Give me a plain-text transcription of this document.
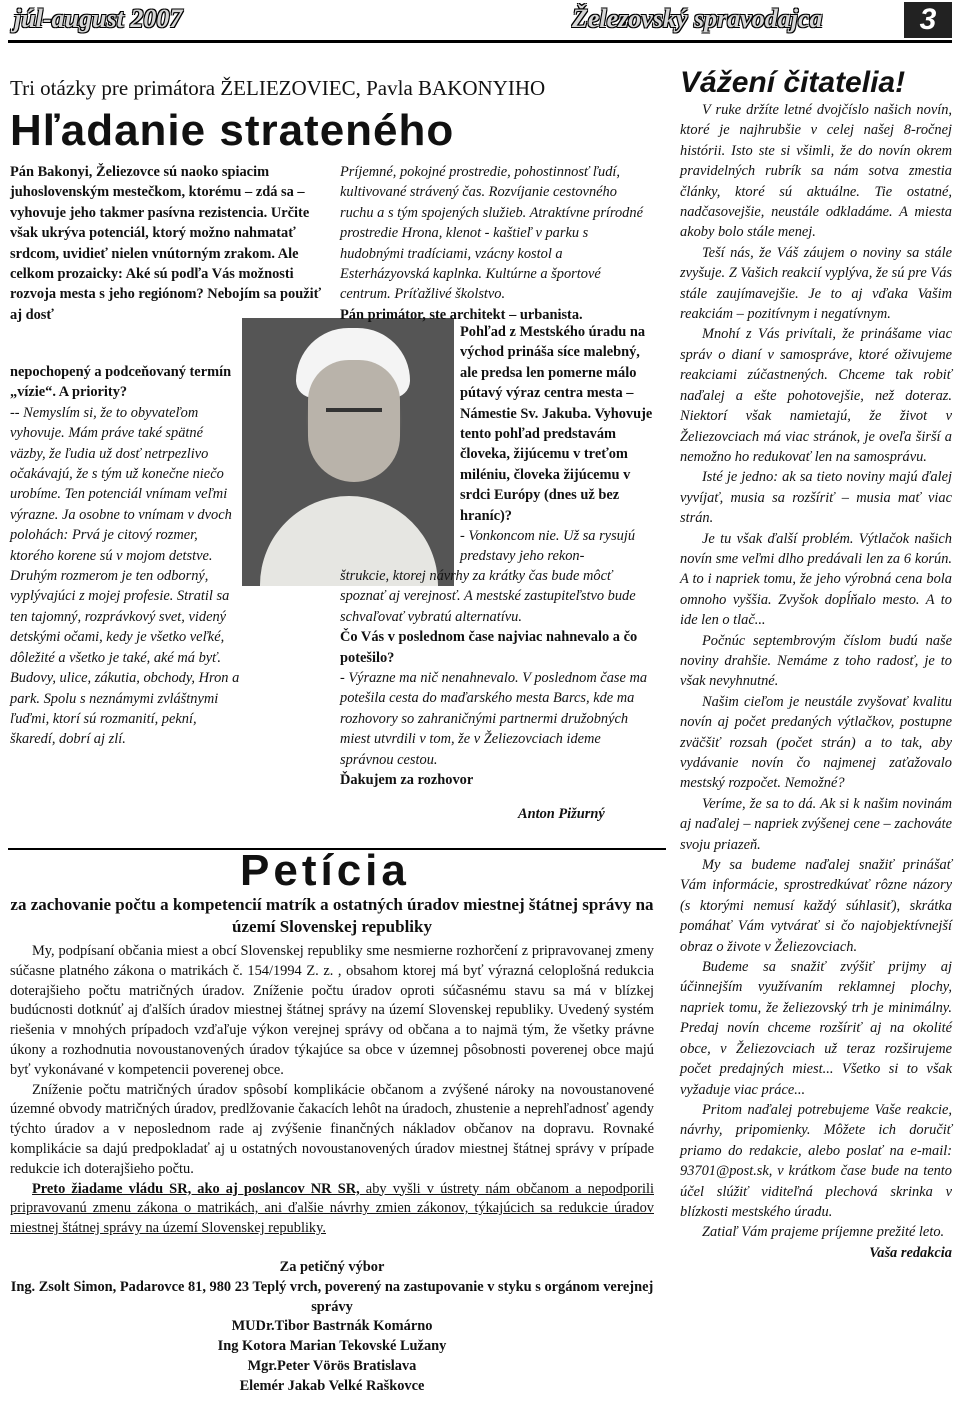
júl-august 2007	Železovský spravodajca	3
Tri otázky pre primátora ŽELIEZOVIEC, Pavla BAKONYIHO
Hľadanie strateného

Pán Bakonyi, Želiezovce sú naoko spiacim juhoslovenským mestečkom, ktorému – zdá sa – vyhovuje jeho takmer pasívna rezistencia. Určite však ukrýva potenciál, ktorý možno nahmatať srdcom, uvidieť nielen vnútorným zrakom. Ale celkom prozaicky: Aké sú podľa Vás možnosti rozvoja mesta s jeho regiónom? Nebojím sa použiť aj dosť

nepochopený a podceňovaný termín „vízie“. A priority?

-- Nemyslím si, že to obyvateľom vyhovuje. Mám práve také spätné väzby, že ľudia už dosť netrpezlivo očakávajú, že s tým už konečne niečo urobíme. Ten potenciál vnímam veľmi výrazne. Ja osobne to vnímam v dvoch polohách: Prvá je citový rozmer, ktorého korene sú v mojom detstve. Druhým rozmerom je ten odborný, vyplývajúci z mojej profesie. Stratil sa ten tajomný, rozprávkový svet, videný detskými očami, kedy je všetko veľké, dôležité a všetko je také, aké má byť. Budovy, ulice, zákutia, obchody, Hron a park. Spolu s neznámymi zvláštnymi ľuďmi, ktorí sú rozmanití, pekní, škaredí, dobrí aj zlí.

Príjemné, pokojné prostredie, pohostinnosť ľudí, kultivované strávený čas. Rozvíjanie cestovného ruchu a s tým spojených služieb. Atraktívne prírodné prostredie Hrona, klenot - kaštieľ v parku s hudobnými tradíciami, vzácny kostol a Esterházyovská kaplnka. Kultúrne a športové centrum. Príťažlivé školstvo.

Pán primátor, ste architekt – urbanista.

Pohľad z Mestského úradu na východ prináša síce malebný, ale predsa len pomerne málo pútavý výraz centra mesta – Námestie Sv. Jakuba. Vyhovuje tento pohľad predstavám človeka, žijúcemu v treťom miléniu, človeka žijúcemu v srdci Európy (dnes už bez hraníc)?

- Vonkoncom nie. Už sa rysujú predstavy jeho rekon-

štrukcie, ktorej návrhy za krátky čas bude môcť spoznať aj verejnosť. A mestské zastupiteľstvo bude schvaľovať vybratú alternatívu.

Čo Vás v poslednom čase najviac nahnevalo a čo potešilo?

- Výrazne ma nič nenahnevalo. V poslednom čase ma potešila cesta do maďarského mesta Barcs, kde ma rozhovory so zahraničnými partnermi družobných miest utvrdili v tom, že v Želiezovciach ideme správnou cestou.

Ďakujem za rozhovor

Anton Pižurný
Vážení čitatelia!

V ruke držíte letné dvojčíslo našich novín, ktoré je najhrubšie v celej našej 8-ročnej histórii. Isto ste si všimli, že do novín okrem pravidelných rubrík sa nám sotva zmestia články, ktoré sú aktuálne. Tie ostatné, nadčasovejšie, neustále odkladáme. A miesta akoby bolo stále menej.

Teší nás, že Váš záujem o noviny sa stále zvyšuje. Z Vašich reakcií vyplýva, že sú pre Vás stále zaujímavejšie. Je to aj vďaka Vašim reakciám – pozitívnym i negatívnym.

Mnohí z Vás privítali, že prinášame viac správ o dianí v samospráve, ktoré oživujeme reakciami zúčastnených. Chceme tak robiť naďalej a ešte pohotovejšie, než doteraz. Niektorí však namietajú, že život v Želiezovciach má viac stránok, je oveľa širší a nemožno ho redukovať len na samosprávu.

Isté je jedno: ak sa tieto noviny majú ďalej vyvíjať, musia sa rozšíriť – musia mať viac strán.

Je tu však ďalší problém. Výtlačok našich novín sme veľmi dlho predávali len za 6 korún. A to i napriek tomu, že jeho výrobná cena bola omnoho vyššia. Zvyšok dopĺňalo mesto. A to ide len o tlač...

Počnúc septembrovým číslom budú naše noviny drahšie. Nemáme z toho radosť, je to však nevyhnutné.

Našim cieľom je neustále zvyšovať kvalitu novín aj počet predaných výtlačkov, postupne zväčšiť rozsah (počet strán) a to tak, aby vydávanie novín čo najmenej zaťažovalo mestský rozpočet. Nemožné?

Veríme, že sa to dá. Ak si k našim novinám aj naďalej – napriek zvýšenej cene – zachováte svoju priazeň.

My sa budeme naďalej snažiť prinášať Vám informácie, sprostredkúvať rôzne názory (s ktorými nemusí každý súhlasiť), skrátka pomáhať Vám vytvárať si čo najobjektívnejší obraz o živote v Želiezovciach.

Budeme sa snažiť zvýšiť prijmy aj účinnejším využívaním reklamnej plochy, napriek tomu, že želiezovský trh je minimálny. Predaj novín chceme rozšíriť aj na okolité obce, v Želiezovciach už teraz rozširujeme počet predajných miest... Všetko si to však vyžaduje viac práce...

Pritom naďalej potrebujeme Vaše reakcie, návrhy, pripomienky. Môžete ich doručiť priamo do redakcie, alebo poslať na e-mail: 93701@post.sk, v krátkom čase bude na tento účel slúžiť viditeľná plechová skrinka v blízkosti mestského úradu.

Zatiaľ Vám prajeme príjemne prežité leto.

Vaša redakcia

Petícia
za zachovanie počtu a kompetencií matrík a ostatných úradov miestnej štátnej správy na území Slovenskej republiky

My, podpísaní občania miest a obcí Slovenskej republiky sme nesmierne rozhorčení z pripravovanej zmeny súčasne platného zákona o matrikách č. 154/1994 Z. z. , obsahom ktorej má byť výrazná celoplošná redukcia doterajšieho počtu matričných úradov. Zníženie počtu úradov oproti súčasnému stavu sa má v blízkej budúcnosti dotknúť aj ďalších úradov miestnej štátnej správy na území Slovenskej republiky. Uvedený systém riešenia v mnohých prípadoch vzďaľuje výkon verejnej správy od občana a to najmä tým, že všetky právne úkony a rozhodnutia novoustanovených úradov týkajúce sa obce v územnej pôsobnosti poverenej obce majú byť vykonávané v kompetencii poverenej obce.

Zníženie počtu matričných úradov spôsobí komplikácie občanom a zvýšené nároky na novoustanovené územné obvody matričných úradov, predlžovanie čakacích lehôt na úradoch, zhustenie a neprehľadnosť agendy týchto úradov a v neposlednom rade aj zvýšenie finančných nákladov občanov na dopravu. Rovnaké komplikácie sa dajú predpokladať aj u ostatných novoustanovených úradov miestnej štátnej správy v prípade redukcie ich doterajšieho počtu.

Preto žiadame vládu SR, ako aj poslancov NR SR, aby vyšli v ústrety nám občanom a nepodporili pripravovanú zmenu zákona o matrikách, ani ďalšie návrhy zmien zákonov, týkajúcich sa redukcie úradov miestnej štátnej správy na území Slovenskej republiky.

Za petičný výbor
Ing. Zsolt Simon, Padarovce 81, 980 23 Teplý vrch, poverený na zastupovanie v styku s orgánom verejnej správy
MUDr.Tibor Bastrnák Komárno
Ing Kotora Marian Tekovské Lužany
Mgr.Peter Vörös Bratislava
Elemér Jakab Velké Raškovce
